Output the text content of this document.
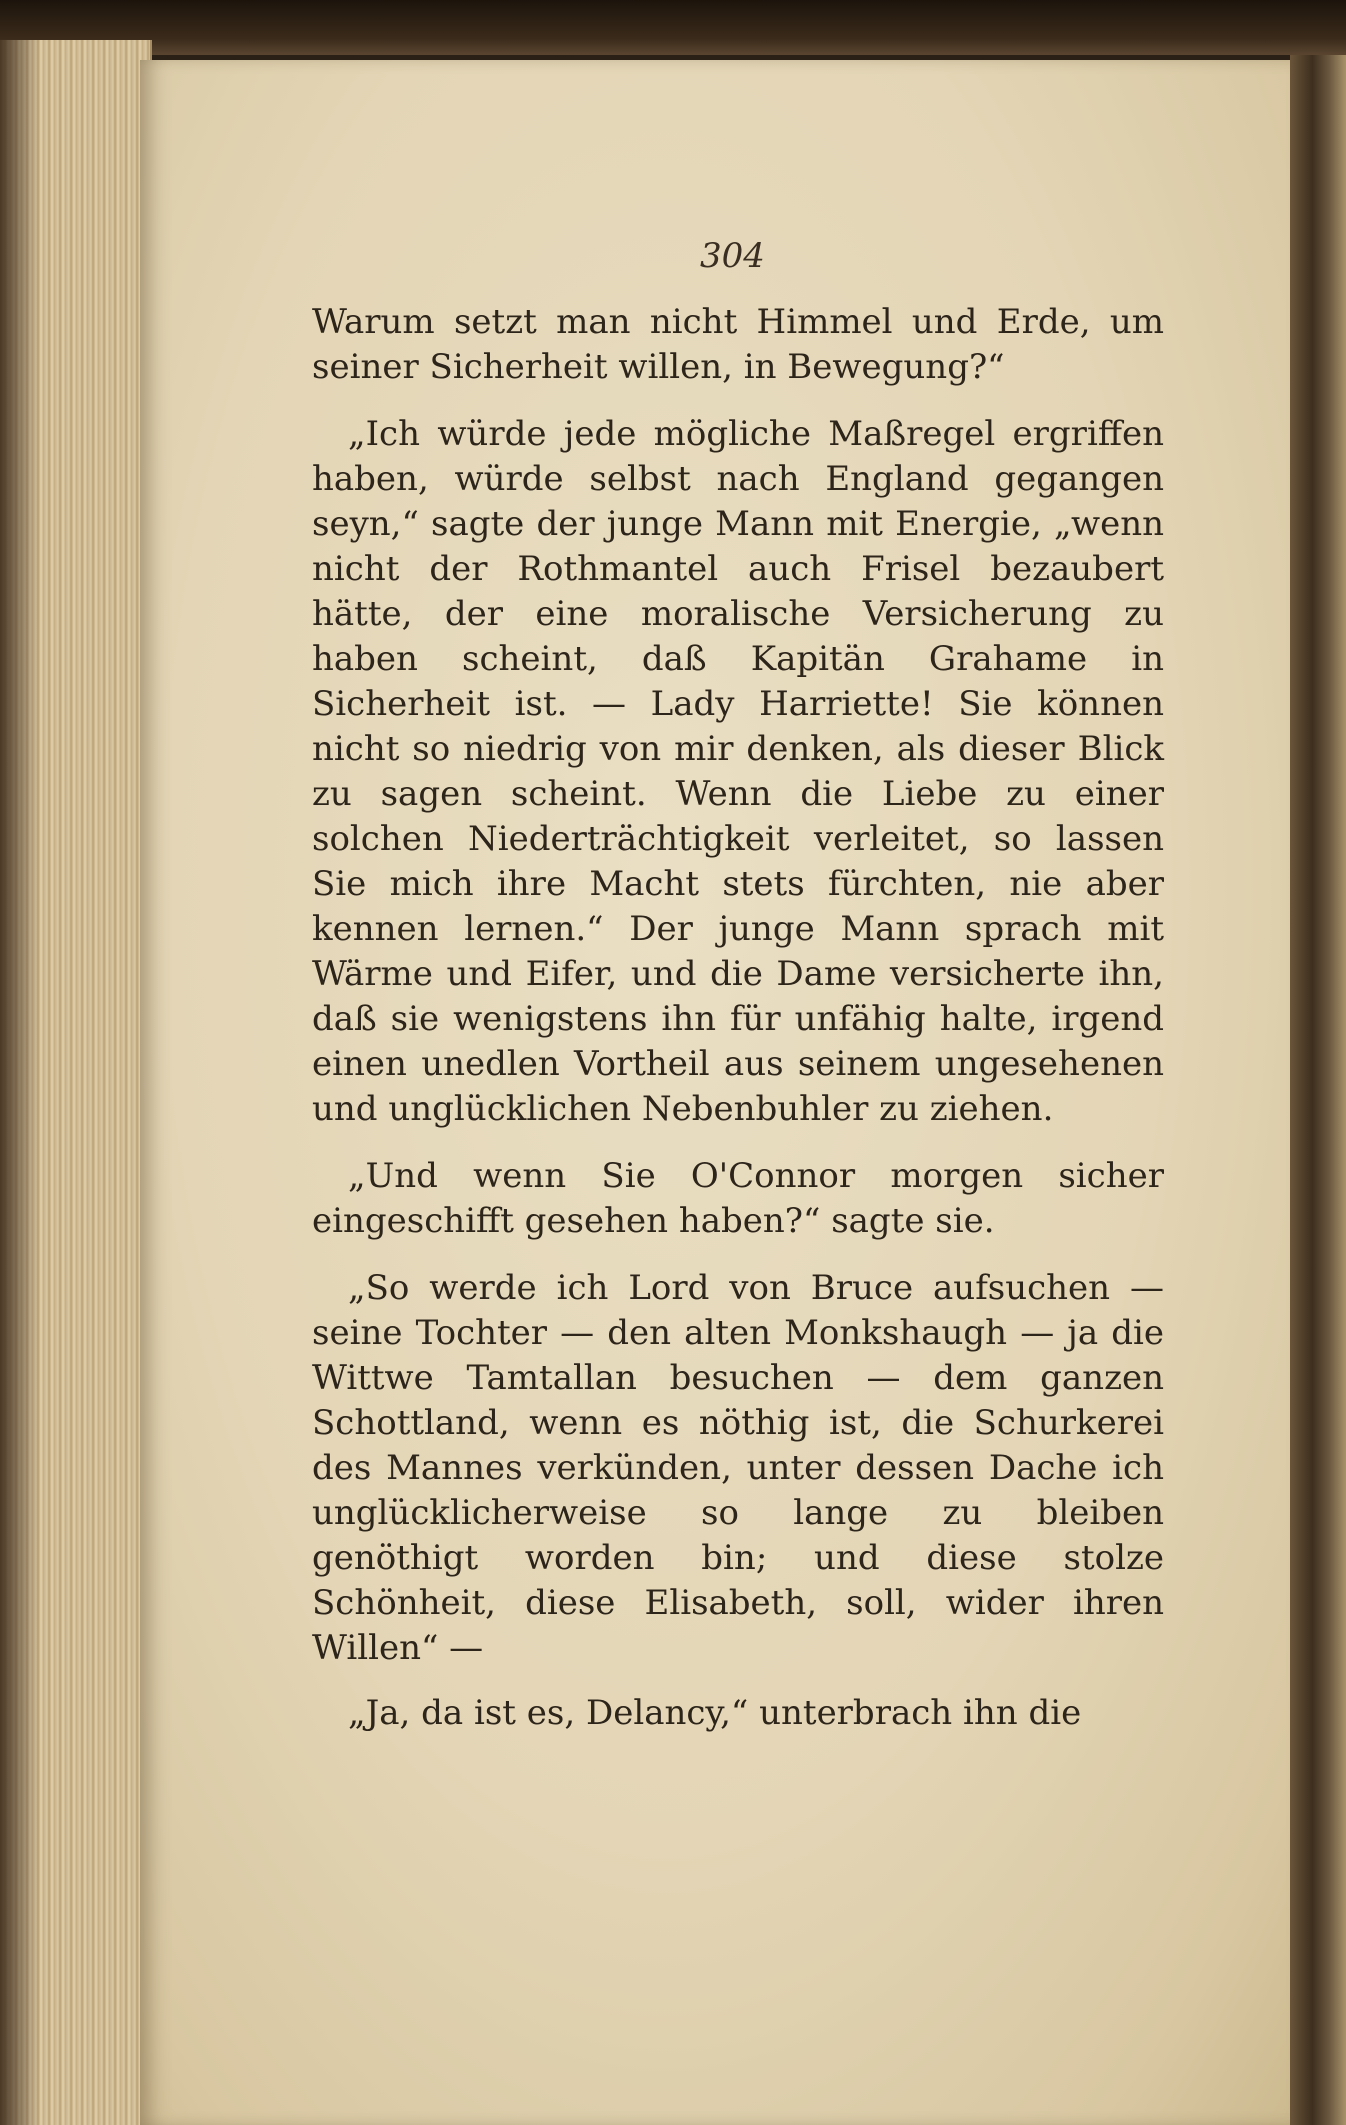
304

Warum setzt man nicht Himmel und Erde, um seiner Sicherheit willen, in Bewegung?“

„Ich würde jede mögliche Maßregel ergriffen haben, würde selbst nach England gegangen seyn,“ sagte der junge Mann mit Energie, „wenn nicht der Rothmantel auch Frisel bezaubert hätte, der eine moralische Versicherung zu haben scheint, daß Kapitän Grahame in Sicherheit ist. — Lady Harriette! Sie können nicht so niedrig von mir denken, als dieser Blick zu sagen scheint. Wenn die Liebe zu einer solchen Niederträchtigkeit verleitet, so lassen Sie mich ihre Macht stets fürchten, nie aber kennen lernen.“ Der junge Mann sprach mit Wärme und Eifer, und die Dame versicherte ihn, daß sie wenigstens ihn für unfähig halte, irgend einen unedlen Vortheil aus seinem ungesehenen und unglücklichen Nebenbuhler zu ziehen.

„Und wenn Sie O'Connor morgen sicher eingeschifft gesehen haben?“ sagte sie.

„So werde ich Lord von Bruce aufsuchen — seine Tochter — den alten Monkshaugh — ja die Wittwe Tamtallan besuchen — dem ganzen Schottland, wenn es nöthig ist, die Schurkerei des Mannes verkünden, unter dessen Dache ich unglücklicherweise so lange zu bleiben genöthigt worden bin; und diese stolze Schönheit, diese Elisabeth, soll, wider ihren Willen“ —

„Ja, da ist es, Delancy,“ unterbrach ihn die
